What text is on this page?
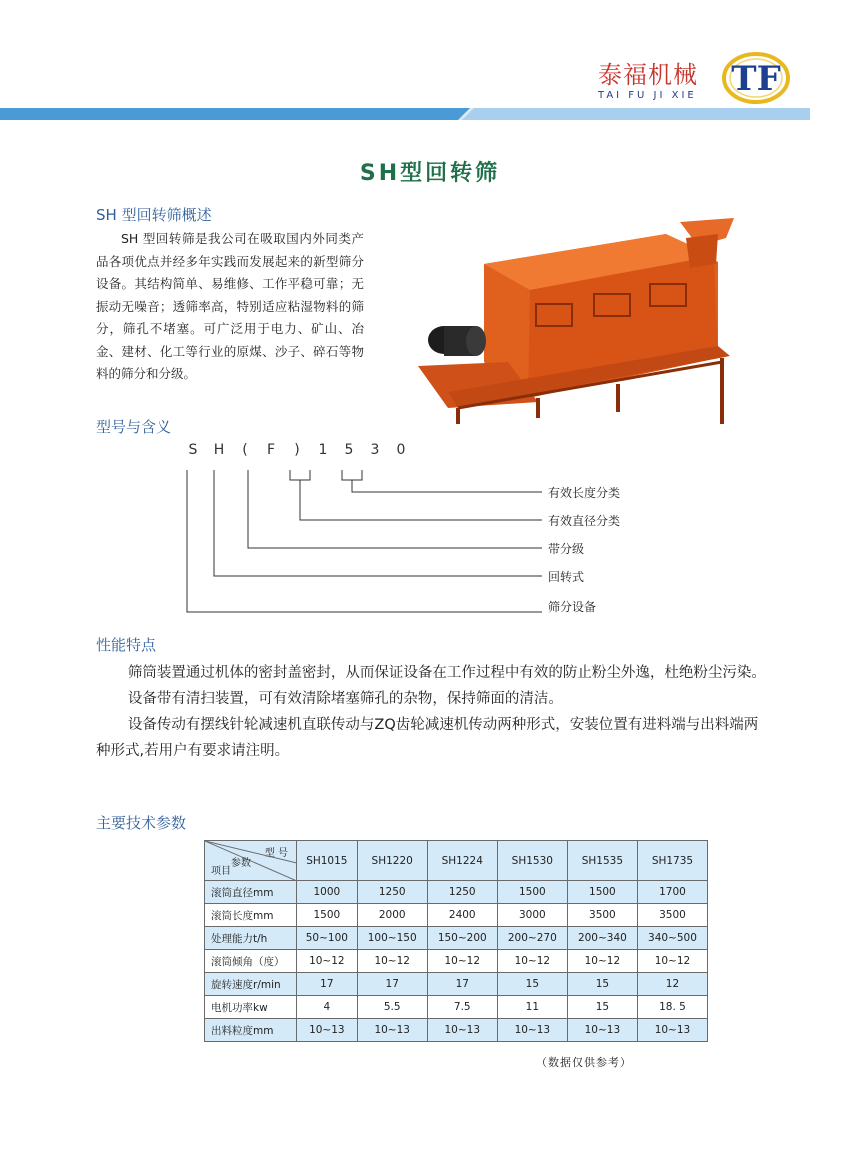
泰福机械
TAI FU JI XIE	TF
SH型回转筛
SH 型回转筛概述
SH 型回转筛是我公司在吸取国内外同类产品各项优点并经多年实践而发展起来的新型筛分设备。其结构简单、易维修、工作平稳可靠；无振动无噪音；透筛率高，特别适应粘湿物料的筛分，筛孔不堵塞。可广泛用于电力、矿山、冶金、建材、化工等行业的原煤、沙子、碎石等物料的筛分和分级。
型号与含义
S H ( F ) 1 5 3 0
有效长度分类
有效直径分类
带分级
回转式
筛分设备
性能特点

筛筒装置通过机体的密封盖密封，从而保证设备在工作过程中有效的防止粉尘外逸，杜绝粉尘污染。

设备带有清扫装置，可有效清除堵塞筛孔的杂物，保持筛面的清洁。

设备传动有摆线针轮减速机直联传动与ZQ齿轮减速机传动两种形式，安装位置有进料端与出料端两种形式,若用户有要求请注明。

主要技术参数
型 号
参数
项目	SH1015	SH1220	SH1224	SH1530	SH1535	SH1735
滚筒直径mm	1000	1250	1250	1500	1500	1700
滚筒长度mm	1500	2000	2400	3000	3500	3500
处理能力t/h	50~100	100~150	150~200	200~270	200~340	340~500
滚筒倾角（度）	10~12	10~12	10~12	10~12	10~12	10~12
旋转速度r/min	17	17	17	15	15	12
电机功率kw	4	5.5	7.5	11	15	18. 5
出料粒度mm	10~13	10~13	10~13	10~13	10~13	10~13
（数据仅供参考）
